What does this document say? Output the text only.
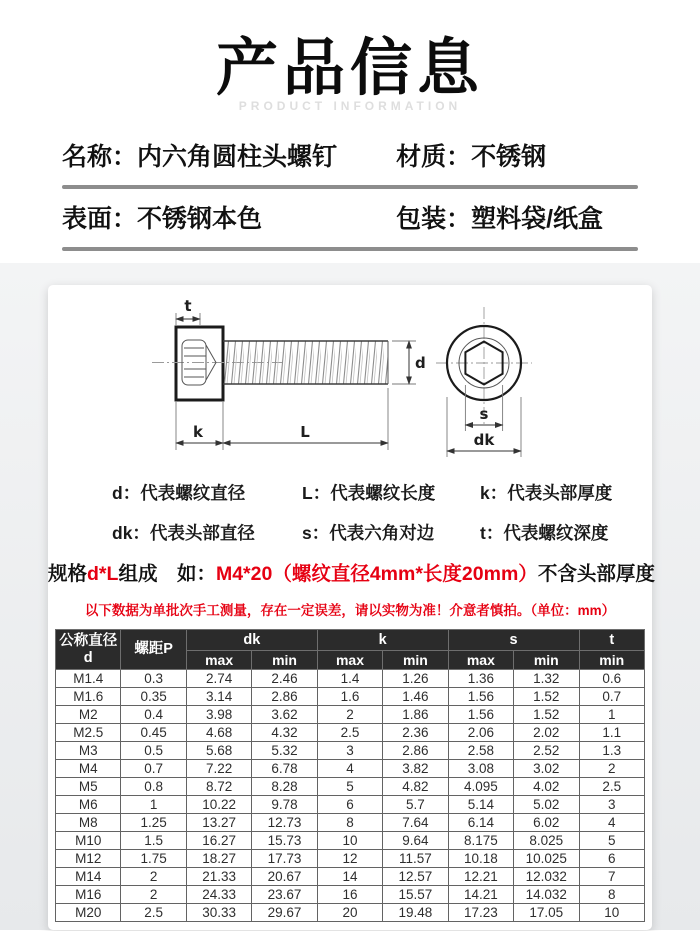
产品信息
PRODUCT INFORMATION
名称：内六角圆柱头螺钉	材质：不锈钢
表面：不锈钢本色	包装：塑料袋/纸盒
t
d
k	L
s
dk
d：代表螺纹直径	L：代表螺纹长度	k：代表头部厚度
dk：代表头部直径	s：代表六角对边	t：代表螺纹深度
规格d*L组成　如：M4*20（螺纹直径4mm*长度20mm）不含头部厚度
以下数据为单批次手工测量，存在一定误差，请以实物为准！介意者慎拍。（单位：mm）
公称直径
d	螺距P	dk		k		s		t
		max	min	max	min	max	min	min
M1.4	0.3	2.74	2.46	1.4	1.26	1.36	1.32	0.6
M1.6	0.35	3.14	2.86	1.6	1.46	1.56	1.52	0.7
M2	0.4	3.98	3.62	2	1.86	1.56	1.52	1
M2.5	0.45	4.68	4.32	2.5	2.36	2.06	2.02	1.1
M3	0.5	5.68	5.32	3	2.86	2.58	2.52	1.3
M4	0.7	7.22	6.78	4	3.82	3.08	3.02	2
M5	0.8	8.72	8.28	5	4.82	4.095	4.02	2.5
M6	1	10.22	9.78	6	5.7	5.14	5.02	3
M8	1.25	13.27	12.73	8	7.64	6.14	6.02	4
M10	1.5	16.27	15.73	10	9.64	8.175	8.025	5
M12	1.75	18.27	17.73	12	11.57	10.18	10.025	6
M14	2	21.33	20.67	14	12.57	12.21	12.032	7
M16	2	24.33	23.67	16	15.57	14.21	14.032	8
M20	2.5	30.33	29.67	20	19.48	17.23	17.05	10
